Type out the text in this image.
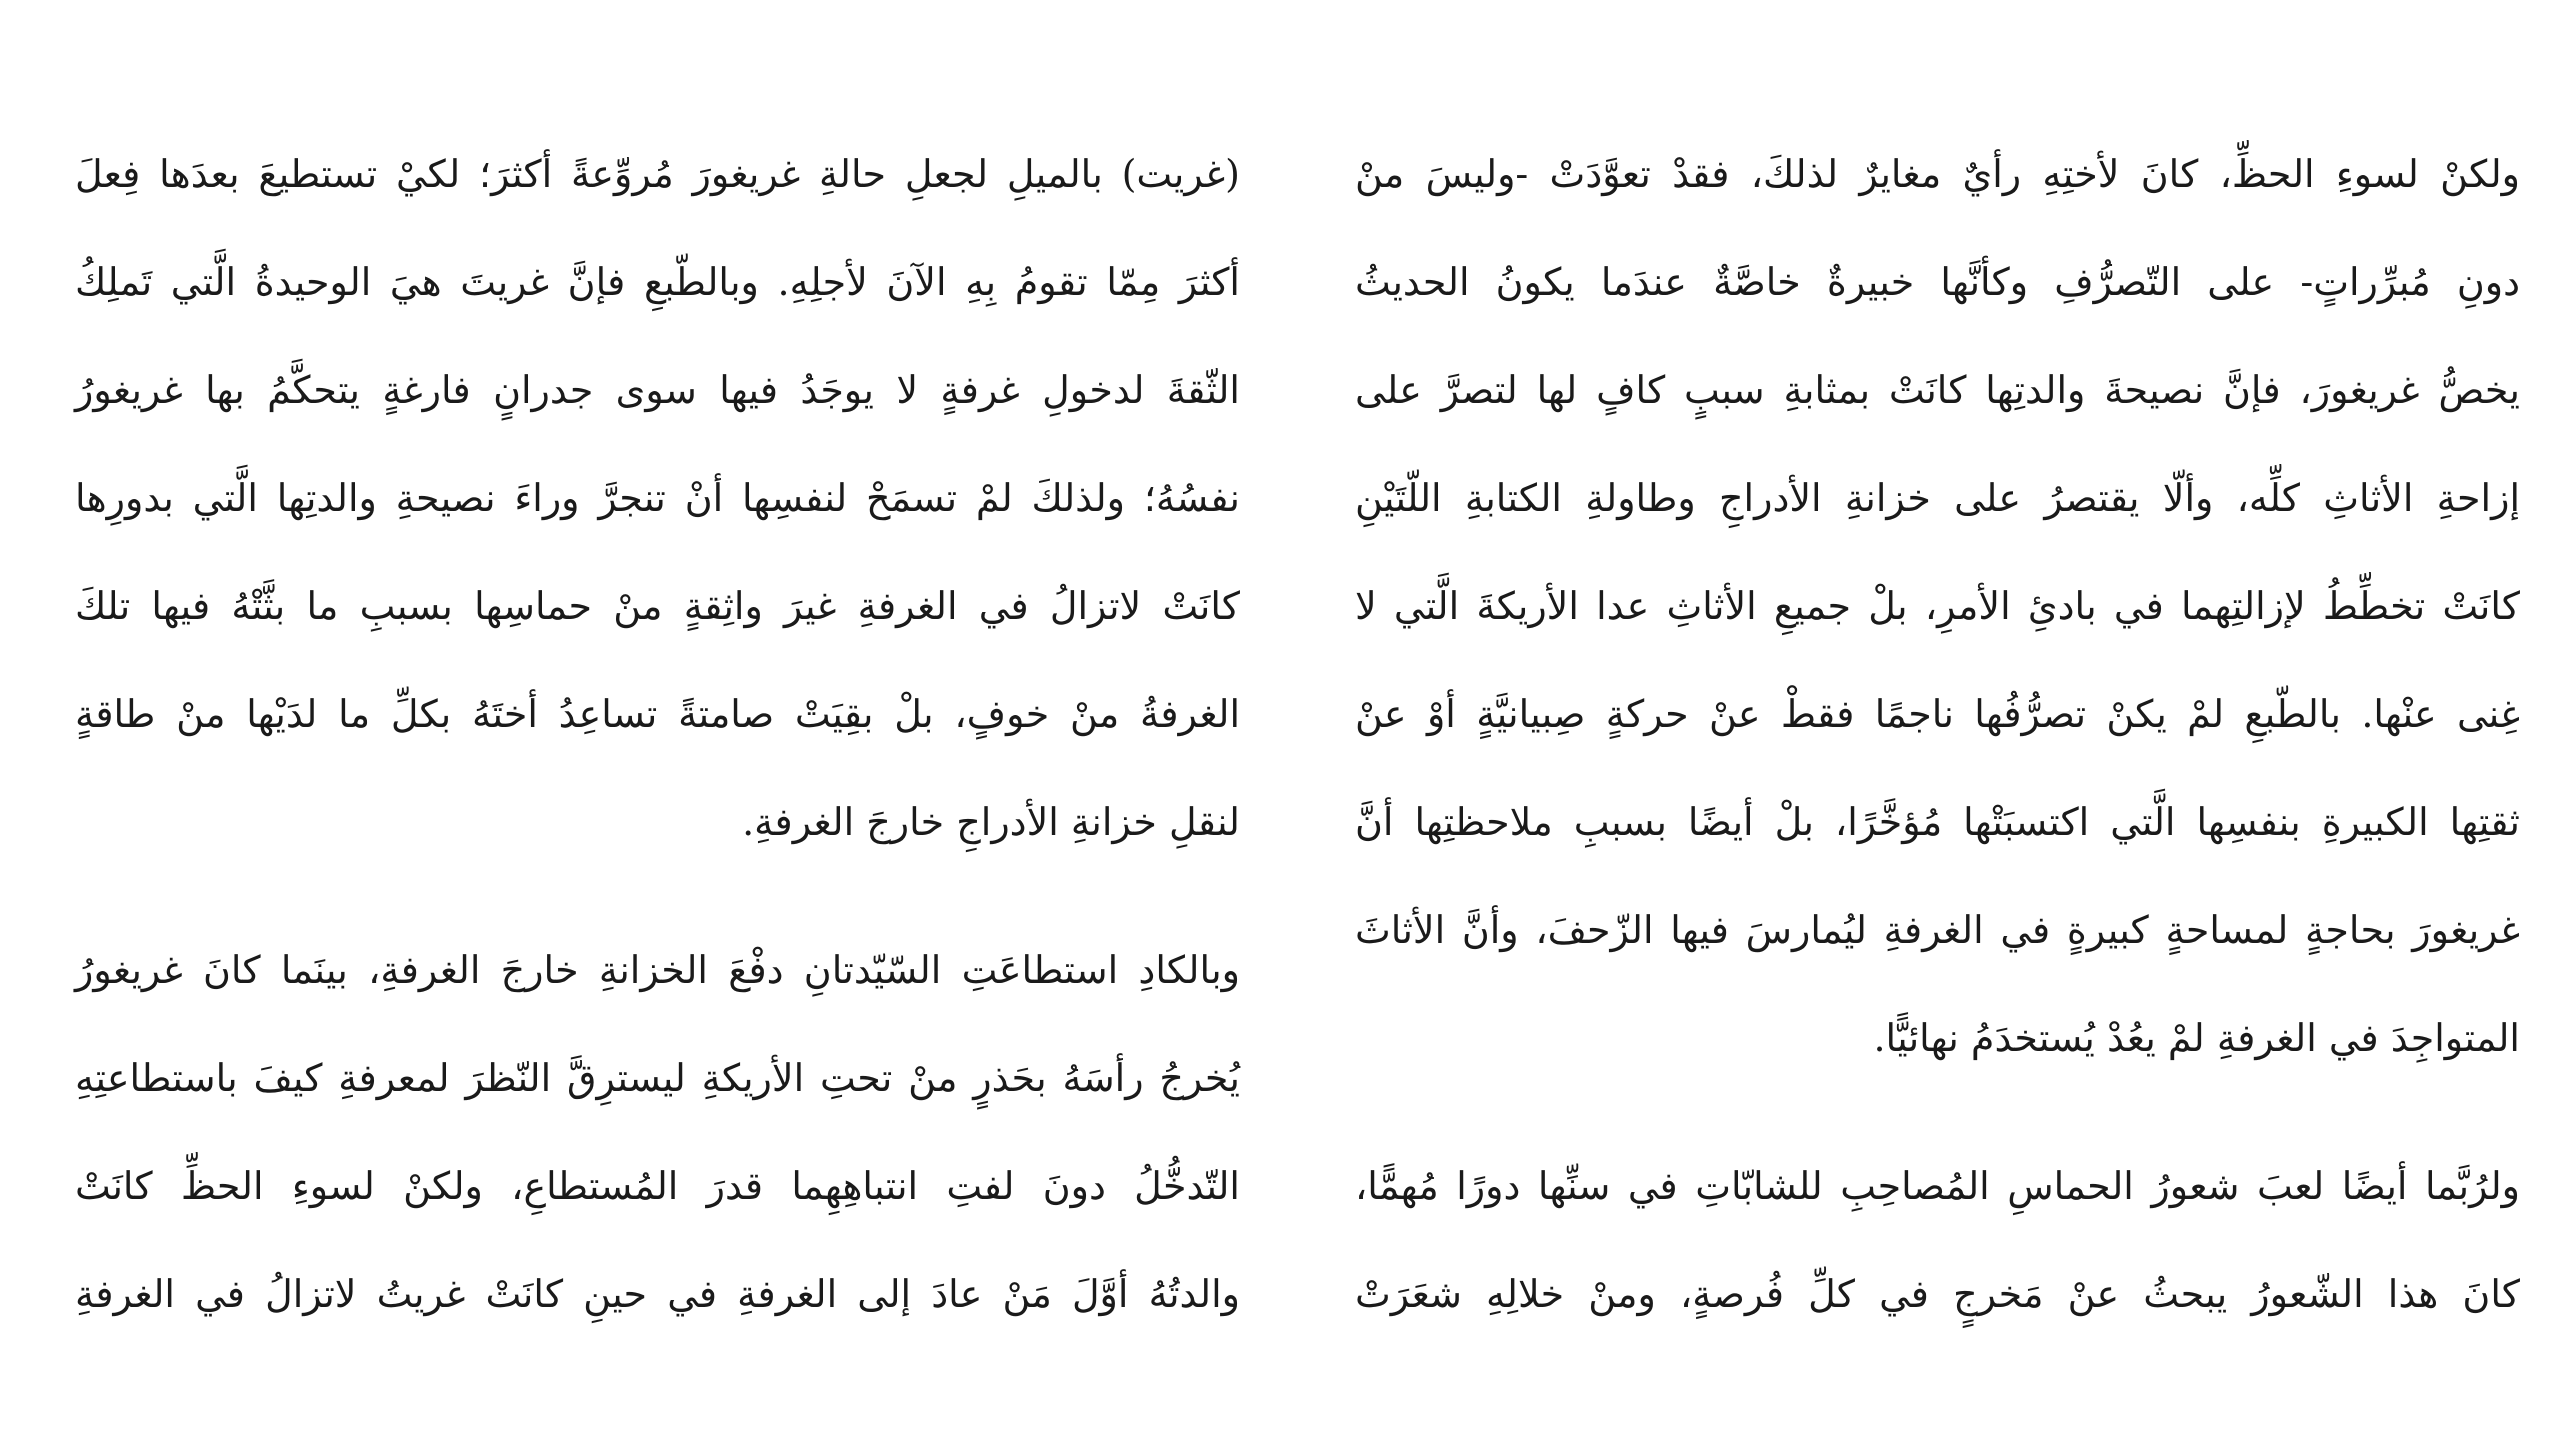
ولكنْ لسوءِ الحظِّ، كانَ لأختِهِ رأيٌ مغايرٌ لذلكَ، فقدْ تعوَّدَتْ -وليسَ منْ
دونِ مُبرِّراتٍ- على التّصرُّفِ وكأنَّها خبيرةٌ خاصَّةٌ عندَما يكونُ الحديثُ
يخصُّ غريغورَ، فإنَّ نصيحةَ والدتِها كانَتْ بمثابةِ سببٍ كافٍ لها لتصرَّ على
إزاحةِ الأثاثِ كلِّه، وألّا يقتصرُ على خزانةِ الأدراجِ وطاولةِ الكتابةِ اللّتَيْنِ
كانَتْ تخطِّطُ لإزالتِهما في بادئِ الأمرِ، بلْ جميعِ الأثاثِ عدا الأريكةَ الَّتي لا
غِنى عنْها. بالطّبعِ لمْ يكنْ تصرُّفُها ناجمًا فقطْ عنْ حركةٍ صِبيانيَّةٍ أوْ عنْ
ثقتِها الكبيرةِ بنفسِها الَّتي اكتسبَتْها مُؤخَّرًا، بلْ أيضًا بسببِ ملاحظتِها أنَّ
غريغورَ بحاجةٍ لمساحةٍ كبيرةٍ في الغرفةِ ليُمارسَ فيها الزّحفَ، وأنَّ الأثاثَ
المتواجِدَ في الغرفةِ لمْ يعُدْ يُستخدَمُ نهائيًّا.
ولرُبَّما أيضًا لعبَ شعورُ الحماسِ المُصاحِبِ للشابّاتِ في سنِّها دورًا مُهمًّا،
كانَ هذا الشّعورُ يبحثُ عنْ مَخرجٍ في كلِّ فُرصةٍ، ومنْ خلالِهِ شعَرَتْ
(غريت) بالميلِ لجعلِ حالةِ غريغورَ مُروِّعةً أكثرَ؛ لكيْ تستطيعَ بعدَها فِعلَ
أكثرَ مِمّا تقومُ بِهِ الآنَ لأجلِهِ. وبالطّبعِ فإنَّ غريتَ هيَ الوحيدةُ الَّتي تَملِكُ
الثّقةَ لدخولِ غرفةٍ لا يوجَدُ فيها سوى جدرانٍ فارغةٍ يتحكَّمُ بها غريغورُ
نفسُهُ؛ ولذلكَ لمْ تسمَحْ لنفسِها أنْ تنجرَّ وراءَ نصيحةِ والدتِها الَّتي بدورِها
كانَتْ لاتزالُ في الغرفةِ غيرَ واثِقةٍ منْ حماسِها بسببِ ما بثَّتْهُ فيها تلكَ
الغرفةُ منْ خوفٍ، بلْ بقِيَتْ صامتةً تساعِدُ أختَهُ بكلِّ ما لدَيْها منْ طاقةٍ
لنقلِ خزانةِ الأدراجِ خارجَ الغرفةِ.
وبالكادِ استطاعَتِ السّيّدتانِ دفْعَ الخزانةِ خارجَ الغرفةِ، بينَما كانَ غريغورُ
يُخرجُ رأسَهُ بحَذرٍ منْ تحتِ الأريكةِ ليسترِقَّ النّظرَ لمعرفةِ كيفَ باستطاعتِهِ
التّدخُّلُ دونَ لفتِ انتباهِهِما قدرَ المُستطاعِ، ولكنْ لسوءِ الحظِّ كانَتْ
والدتُهُ أوَّلَ مَنْ عادَ إلى الغرفةِ في حينِ كانَتْ غريتُ لاتزالُ في الغرفةِ
